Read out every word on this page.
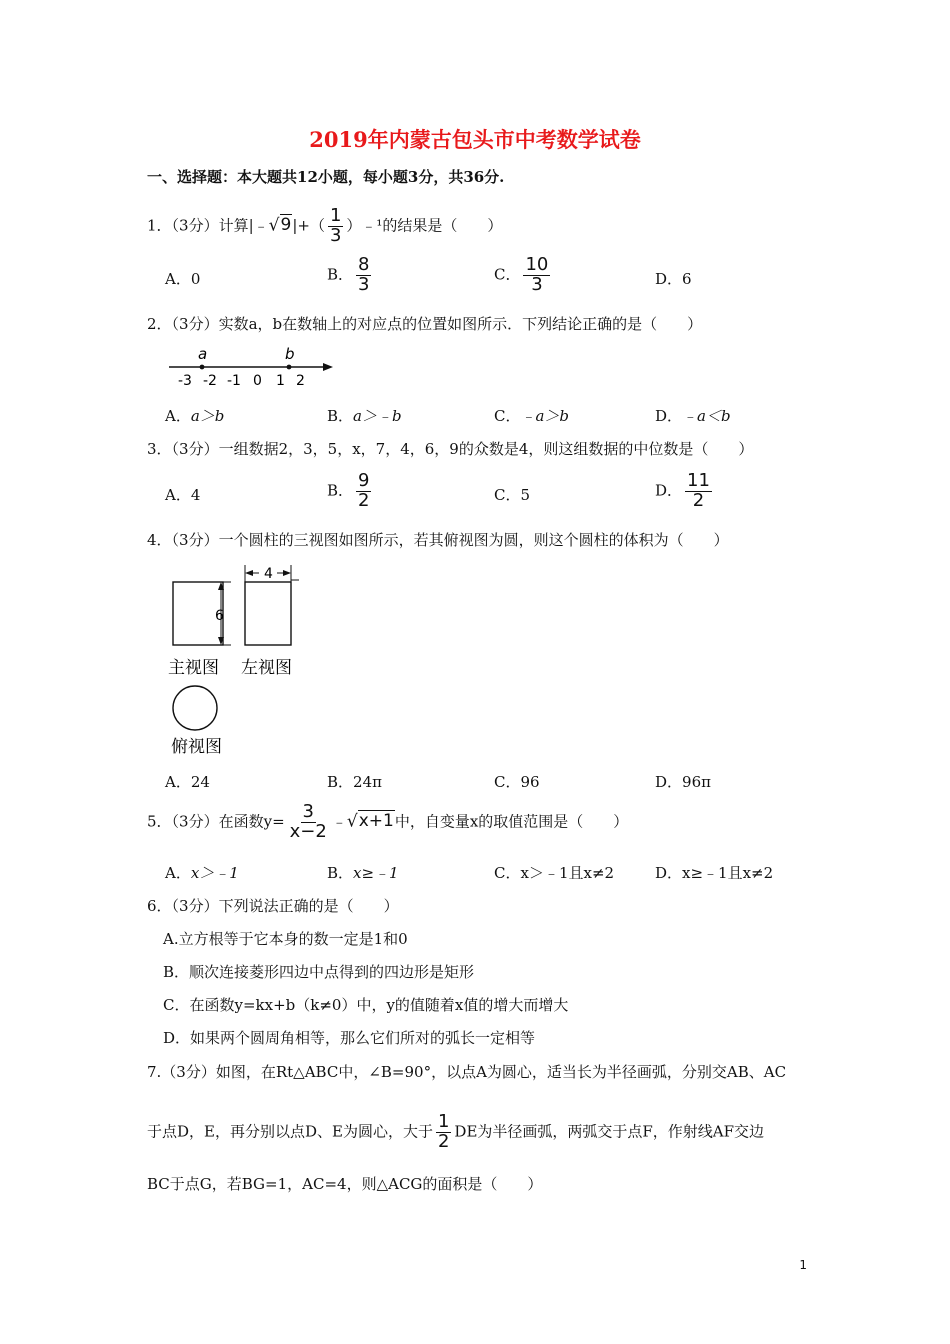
2019年内蒙古包头市中考数学试卷
一、选择题：本大题共12小题，每小题3分，共36分.
1．（3分）计算|﹣√9|+（ $\frac{1}{3}$ ）﹣¹的结果是（　　）
A．0	B． $\frac{8}{3}$	C． $\frac{10}{3}$	D．6
2．（3分）实数a，b在数轴上的对应点的位置如图所示．下列结论正确的是（　　）
a	b
-3 -2 -1 0 1 2
A．a＞b	B．a＞﹣b	C．﹣a＞b	D．﹣a＜b
3．（3分）一组数据2，3，5，x，7，4，6，9的众数是4，则这组数据的中位数是（　　）
A．4	B． $\frac{9}{2}$	C．5	D． $\frac{11}{2}$
4．（3分）一个圆柱的三视图如图所示，若其俯视图为圆，则这个圆柱的体积为（　　）
6
4
主视图 左视图
俯视图
A．24	B．24π	C．96	D．96π
5．（3分）在函数$y= \frac{3}{x-2}$ ﹣√x+1中，自变量x的取值范围是（　　）
A．x＞﹣1	B．x≥﹣1	C．x＞﹣1且x≠2	D．x≥﹣1且x≠2
6．（3分）下列说法正确的是（　　）
A.立方根等于它本身的数一定是1和0
B．顺次连接菱形四边中点得到的四边形是矩形
C．在函数y=kx+b（k≠0）中，y的值随着x值的增大而增大
D．如果两个圆周角相等，那么它们所对的弧长一定相等
7.（3分）如图，在Rt△ABC中，∠B=90°，以点A为圆心，适当长为半径画弧，分别交AB、AC
于点D，E，再分别以点D、E为圆心，大于 $\frac{1}{2}$ DE为半径画弧，两弧交于点F，作射线AF交边
BC于点G，若BG=1，AC=4，则△ACG的面积是（　　）
1
